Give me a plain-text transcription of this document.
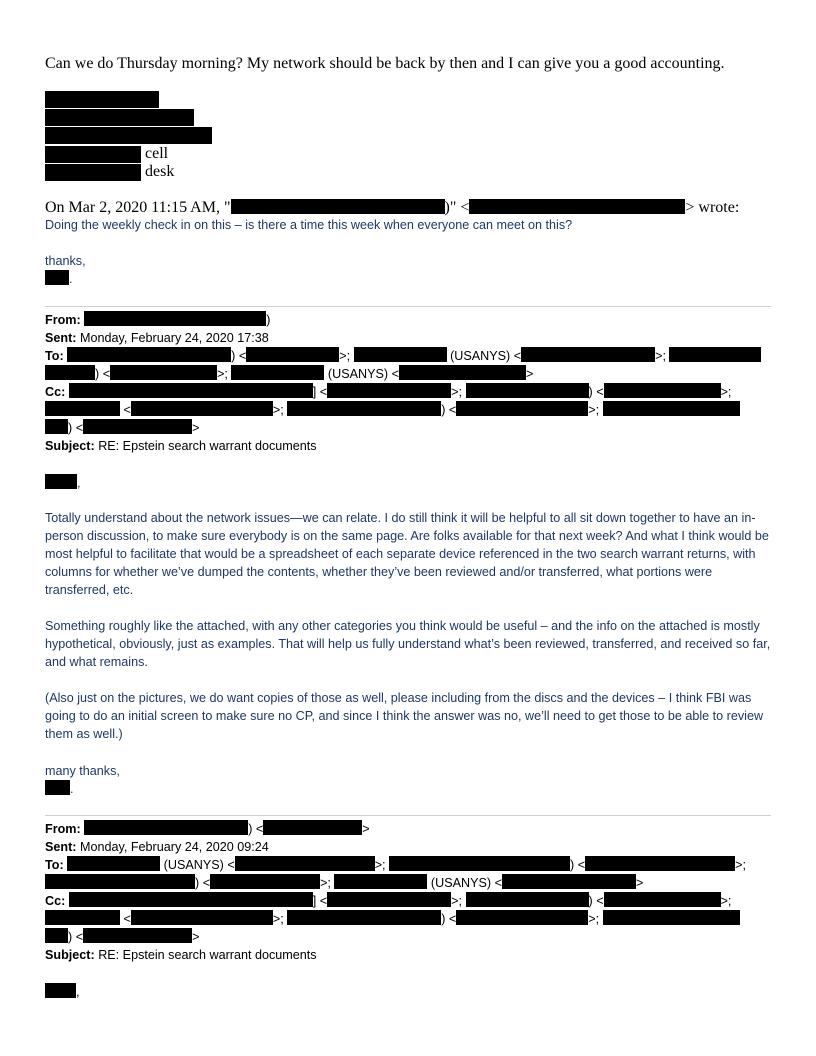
Can we do Thursday morning? My network should be back by then and I can give you a good accounting.
cell
desk
On Mar 2, 2020 11:15 AM, "	)" <	> wrote:
Doing the weekly check in on this – is there a time this week when everyone can meet on this?
thanks,
.
From:	)
Sent: Monday, February 24, 2020 17:38
To:	) <	>;	(USANYS) <	>;
) <	>;	(USANYS) <	>
Cc:	] <	>;	) <	>;
<	>;	) <	>;
) <	>
Subject: RE: Epstein search warrant documents
,
Totally understand about the network issues—we can relate. I do still think it will be helpful to all sit down together to have an in-person discussion, to make sure everybody is on the same page. Are folks available for that next week? And what I think would be most helpful to facilitate that would be a spreadsheet of each separate device referenced in the two search warrant returns, with columns for whether we’ve dumped the contents, whether they’ve been reviewed and/or transferred, what portions were transferred, etc.
Something roughly like the attached, with any other categories you think would be useful – and the info on the attached is mostly hypothetical, obviously, just as examples. That will help us fully understand what’s been reviewed, transferred, and received so far, and what remains.
(Also just on the pictures, we do want copies of those as well, please including from the discs and the devices – I think FBI was going to do an initial screen to make sure no CP, and since I think the answer was no, we’ll need to get those to be able to review them as well.)
many thanks,
.
From:	) <	>
Sent: Monday, February 24, 2020 09:24
To:	(USANYS) <	>;	) <	>;
) <	>;	(USANYS) <	>
Cc:	] <	>;	) <	>;
<	>;	) <	>;
) <	>
Subject: RE: Epstein search warrant documents
,
